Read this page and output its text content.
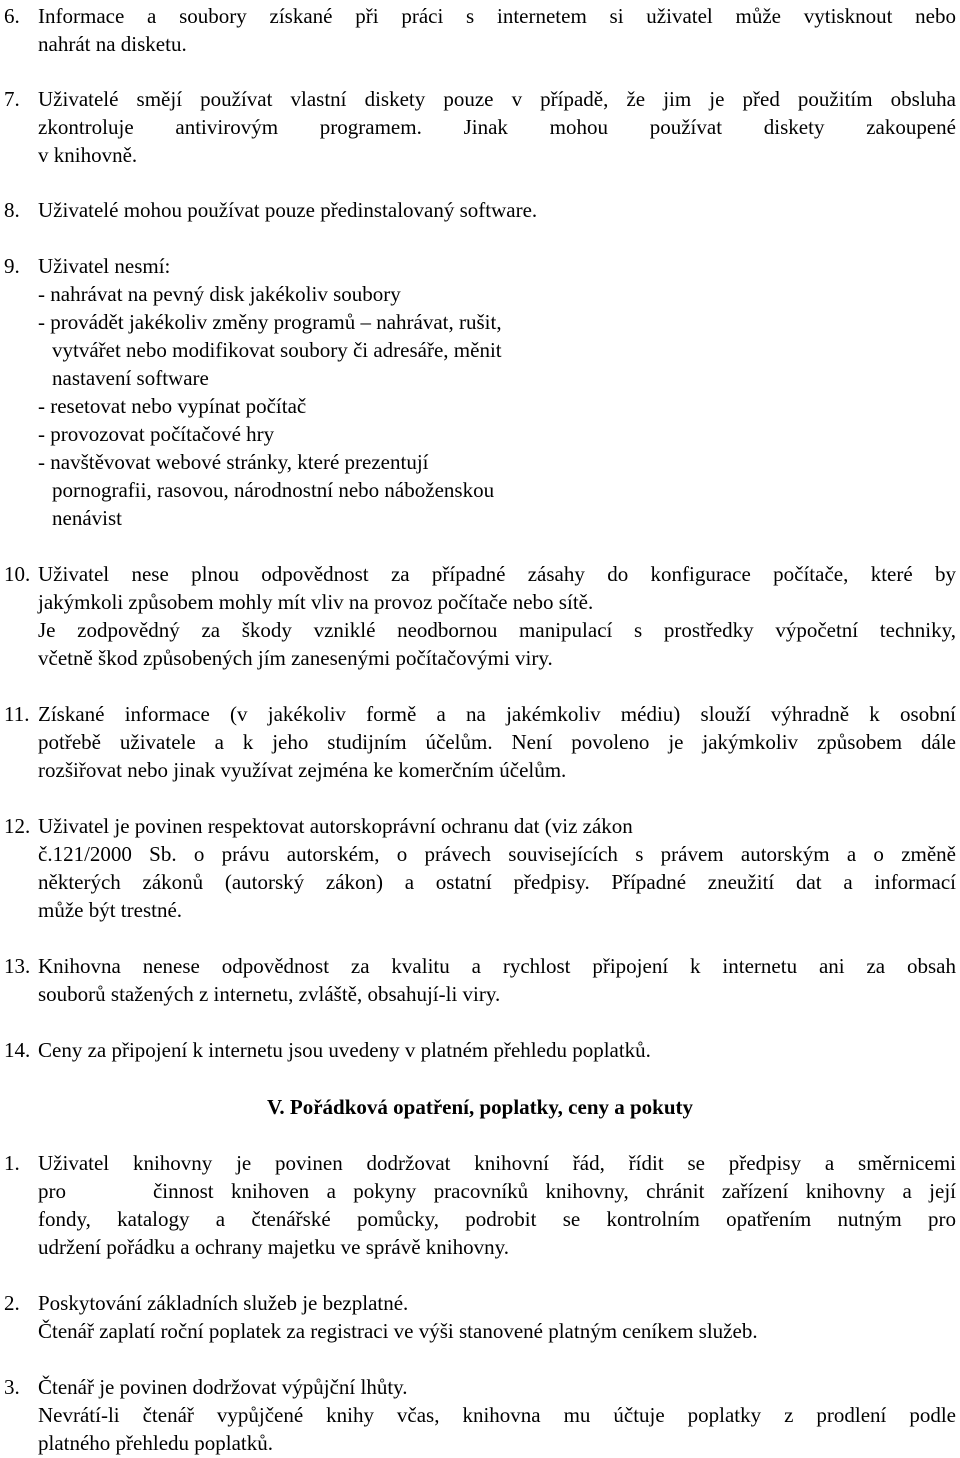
6. Informace a soubory získané při práci s internetem si uživatel může vytisknout nebo
nahrát na disketu.
7. Uživatelé smějí používat vlastní diskety pouze v případě, že jim je před použitím obsluha
zkontroluje antivirovým programem. Jinak mohou používat diskety zakoupené
v knihovně.
8. Uživatelé mohou používat pouze předinstalovaný software.
9. Uživatel nesmí:
- nahrávat na pevný disk jakékoliv soubory
- provádět jakékoliv změny programů – nahrávat, rušit,
vytvářet nebo modifikovat soubory či adresáře, měnit
nastavení software
- resetovat nebo vypínat počítač
- provozovat počítačové hry
- navštěvovat webové stránky, které prezentují
pornografii, rasovou, národnostní nebo náboženskou
nenávist
10. Uživatel nese plnou odpovědnost za případné zásahy do konfigurace počítače, které by
jakýmkoli způsobem mohly mít vliv na provoz počítače nebo sítě.
Je zodpovědný za škody vzniklé neodbornou manipulací s prostředky výpočetní techniky,
včetně škod způsobených jím zanesenými počítačovými viry.
11. Získané informace (v jakékoliv formě a na jakémkoliv médiu) slouží výhradně k osobní
potřebě uživatele a k jeho studijním účelům. Není povoleno je jakýmkoliv způsobem dále
rozšiřovat nebo jinak využívat zejména ke komerčním účelům.
12. Uživatel je povinen respektovat autorskoprávní ochranu dat (viz zákon
č.121/2000 Sb. o právu autorském, o právech souvisejících s právem autorským a o změně
některých zákonů (autorský zákon) a ostatní předpisy. Případné zneužití dat a informací
může být trestné.
13. Knihovna nenese odpovědnost za kvalitu a rychlost připojení k internetu ani za obsah
souborů stažených z internetu, zvláště, obsahují-li viry.
14. Ceny za připojení k internetu jsou uvedeny v platném přehledu poplatků.
V. Pořádková opatření, poplatky, ceny a pokuty
1. Uživatel knihovny je povinen dodržovat knihovní řád, řídit se předpisy a směrnicemi
pro     činnost knihoven a pokyny pracovníků knihovny, chránit zařízení knihovny a její
fondy, katalogy a čtenářské pomůcky, podrobit se kontrolním opatřením nutným pro
udržení pořádku a ochrany majetku ve správě knihovny.
2. Poskytování základních služeb je bezplatné.
Čtenář zaplatí roční poplatek za registraci ve výši stanovené platným ceníkem služeb.
3. Čtenář je povinen dodržovat výpůjční lhůty.
Nevrátí-li čtenář vypůjčené knihy včas, knihovna mu účtuje poplatky z prodlení podle
platného přehledu poplatků.
